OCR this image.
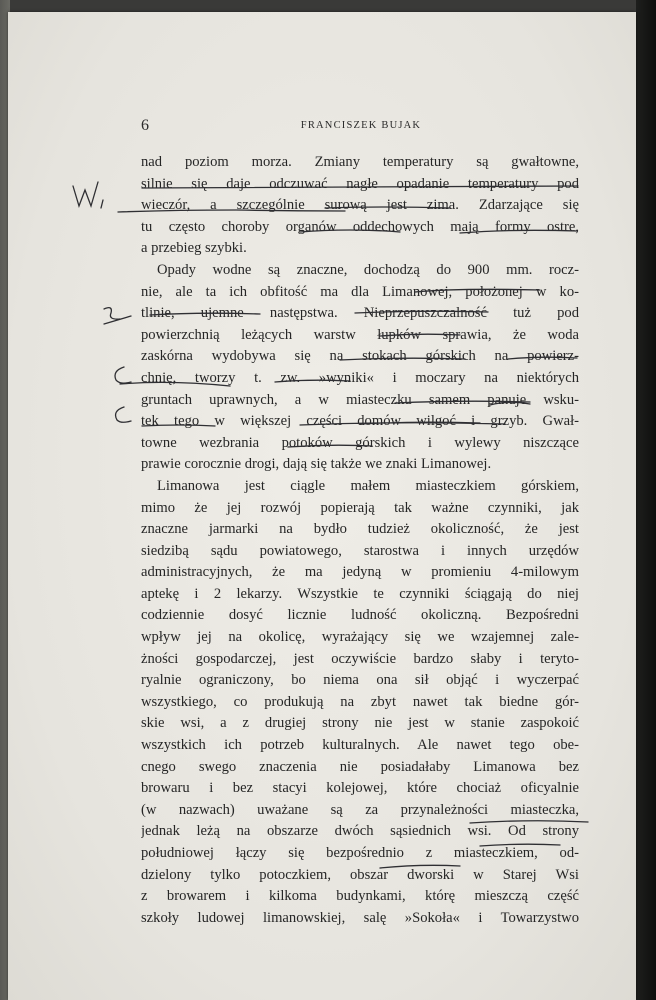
6	FRANCISZEK BUJAK
nad poziom morza. Zmiany temperatury są gwałtowne,
silnie się daje odczuwać nagłe opadanie temperatury pod
wieczór, a szczególnie surową jest zima. Zdarzające się
tu często choroby organów oddechowych mają formy ostre,
a przebieg szybki.
Opady wodne są znaczne, dochodzą do 900 mm. rocz-
nie, ale ta ich obfitość ma dla Limanowej, położonej w ko-
tlinie, ujemne następstwa. Nieprzepuszczalność tuż pod
powierzchnią leżących warstw łupków sprawia, że woda
zaskórna wydobywa się na stokach górskich na powierz-
chnię, tworzy t. zw. »wyniki« i moczary na niektórych
gruntach uprawnych, a w miasteczku samem panuje wsku-
tek tego w większej części domów wilgoć i grzyb. Gwał-
towne wezbrania potoków górskich i wylewy niszczące
prawie corocznie drogi, dają się także we znaki Limanowej.
Limanowa jest ciągle małem miasteczkiem górskiem,
mimo że jej rozwój popierają tak ważne czynniki, jak
znaczne jarmarki na bydło tudzież okoliczność, że jest
siedzibą sądu powiatowego, starostwa i innych urzędów
administracyjnych, że ma jedyną w promieniu 4-milowym
aptekę i 2 lekarzy. Wszystkie te czynniki ściągają do niej
codziennie dosyć licznie ludność okoliczną. Bezpośredni
wpływ jej na okolicę, wyrażający się we wzajemnej zale-
żności gospodarczej, jest oczywiście bardzo słaby i teryto-
ryalnie ograniczony, bo niema ona sił objąć i wyczerpać
wszystkiego, co produkują na zbyt nawet tak biedne gór-
skie wsi, a z drugiej strony nie jest w stanie zaspokoić
wszystkich ich potrzeb kulturalnych. Ale nawet tego obe-
cnego swego znaczenia nie posiadałaby Limanowa bez
browaru i bez stacyi kolejowej, które chociaż oficyalnie
(w nazwach) uważane są za przynależności miasteczka,
jednak leżą na obszarze dwóch sąsiednich wsi. Od strony
południowej łączy się bezpośrednio z miasteczkiem, od-
dzielony tylko potoczkiem, obszar dworski w Starej Wsi
z browarem i kilkoma budynkami, którę mieszczą część
szkoły ludowej limanowskiej, salę »Sokoła« i Towarzystwo
